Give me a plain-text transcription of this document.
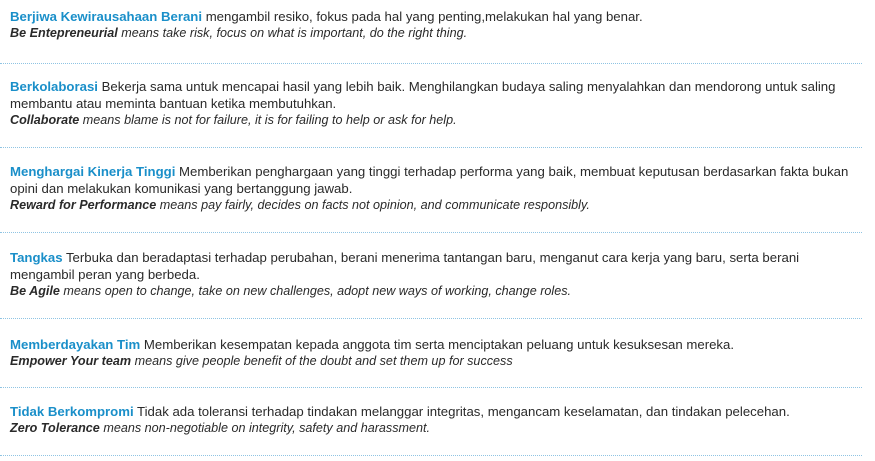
Berjiwa Kewirausahaan Berani mengambil resiko, fokus pada hal yang penting,melakukan hal yang benar.

Be Entepreneurial means take risk, focus on what is important, do the right thing.

Berkolaborasi Bekerja sama untuk mencapai hasil yang lebih baik. Menghilangkan budaya saling menyalahkan dan mendorong untuk saling membantu atau meminta bantuan ketika membutuhkan.

Collaborate means blame is not for failure, it is for failing to help or ask for help.

Menghargai Kinerja Tinggi Memberikan penghargaan yang tinggi terhadap performa yang baik, membuat keputusan berdasarkan fakta bukan opini dan melakukan komunikasi yang bertanggung jawab.

Reward for Performance means pay fairly, decides on facts not opinion, and communicate responsibly.

Tangkas Terbuka dan beradaptasi terhadap perubahan, berani menerima tantangan baru, menganut cara kerja yang baru, serta berani mengambil peran yang berbeda.

Be Agile means open to change, take on new challenges, adopt new ways of working, change roles.

Memberdayakan Tim Memberikan kesempatan kepada anggota tim serta menciptakan peluang untuk kesuksesan mereka.

Empower Your team means give people benefit of the doubt and set them up for success

Tidak Berkompromi Tidak ada toleransi terhadap tindakan melanggar integritas, mengancam keselamatan, dan tindakan pelecehan.

Zero Tolerance means non-negotiable on integrity, safety and harassment.
